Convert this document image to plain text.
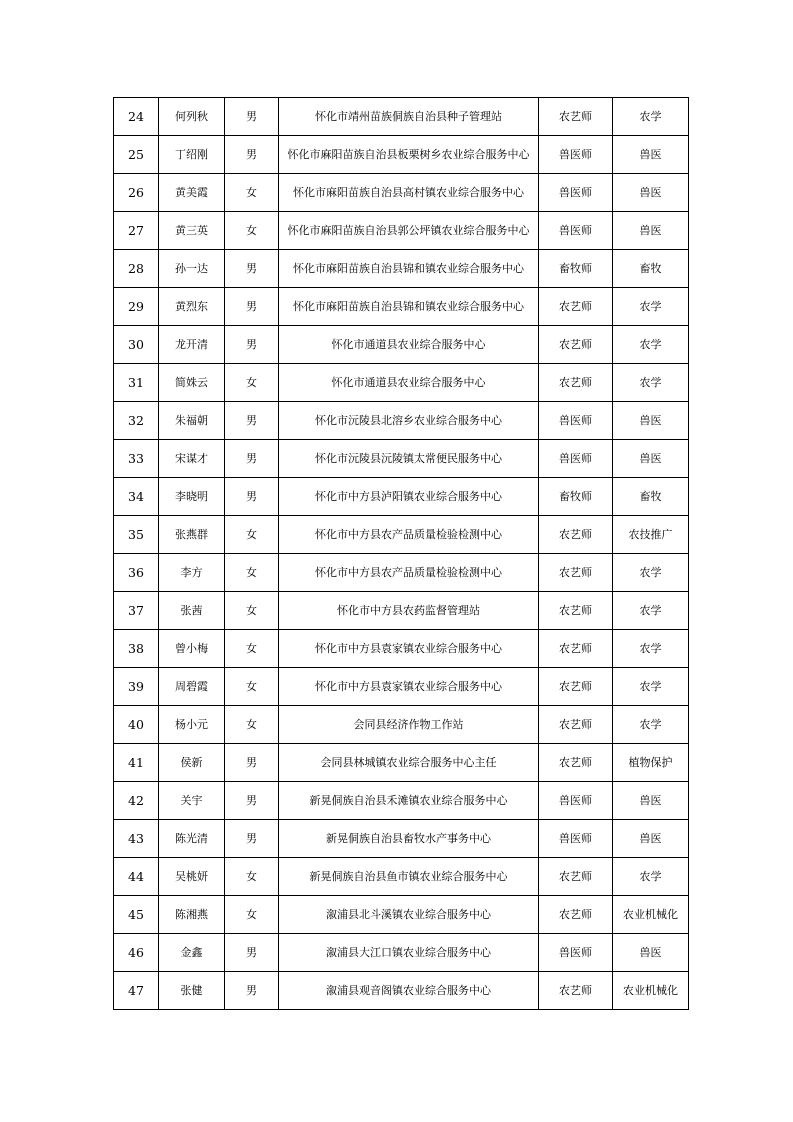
24	何列秋	男	怀化市靖州苗族侗族自治县种子管理站	农艺师	农学
25	丁绍刚	男	怀化市麻阳苗族自治县板栗树乡农业综合服务中心	兽医师	兽医
26	黄美霞	女	怀化市麻阳苗族自治县高村镇农业综合服务中心	兽医师	兽医
27	黄三英	女	怀化市麻阳苗族自治县郭公坪镇农业综合服务中心	兽医师	兽医
28	孙一达	男	怀化市麻阳苗族自治县锦和镇农业综合服务中心	畜牧师	畜牧
29	黄烈东	男	怀化市麻阳苗族自治县锦和镇农业综合服务中心	农艺师	农学
30	龙开清	男	怀化市通道县农业综合服务中心	农艺师	农学
31	简姝云	女	怀化市通道县农业综合服务中心	农艺师	农学
32	朱福朝	男	怀化市沅陵县北溶乡农业综合服务中心	兽医师	兽医
33	宋谋才	男	怀化市沅陵县沅陵镇太常便民服务中心	兽医师	兽医
34	李晓明	男	怀化市中方县泸阳镇农业综合服务中心	畜牧师	畜牧
35	张燕群	女	怀化市中方县农产品质量检验检测中心	农艺师	农技推广
36	李方	女	怀化市中方县农产品质量检验检测中心	农艺师	农学
37	张茜	女	怀化市中方县农药监督管理站	农艺师	农学
38	曾小梅	女	怀化市中方县袁家镇农业综合服务中心	农艺师	农学
39	周碧霞	女	怀化市中方县袁家镇农业综合服务中心	农艺师	农学
40	杨小元	女	会同县经济作物工作站	农艺师	农学
41	侯新	男	会同县林城镇农业综合服务中心主任	农艺师	植物保护
42	关宇	男	新晃侗族自治县禾滩镇农业综合服务中心	兽医师	兽医
43	陈光清	男	新晃侗族自治县畜牧水产事务中心	兽医师	兽医
44	吴桃妍	女	新晃侗族自治县鱼市镇农业综合服务中心	农艺师	农学
45	陈湘燕	女	溆浦县北斗溪镇农业综合服务中心	农艺师	农业机械化
46	金鑫	男	溆浦县大江口镇农业综合服务中心	兽医师	兽医
47	张健	男	溆浦县观音阁镇农业综合服务中心	农艺师	农业机械化
